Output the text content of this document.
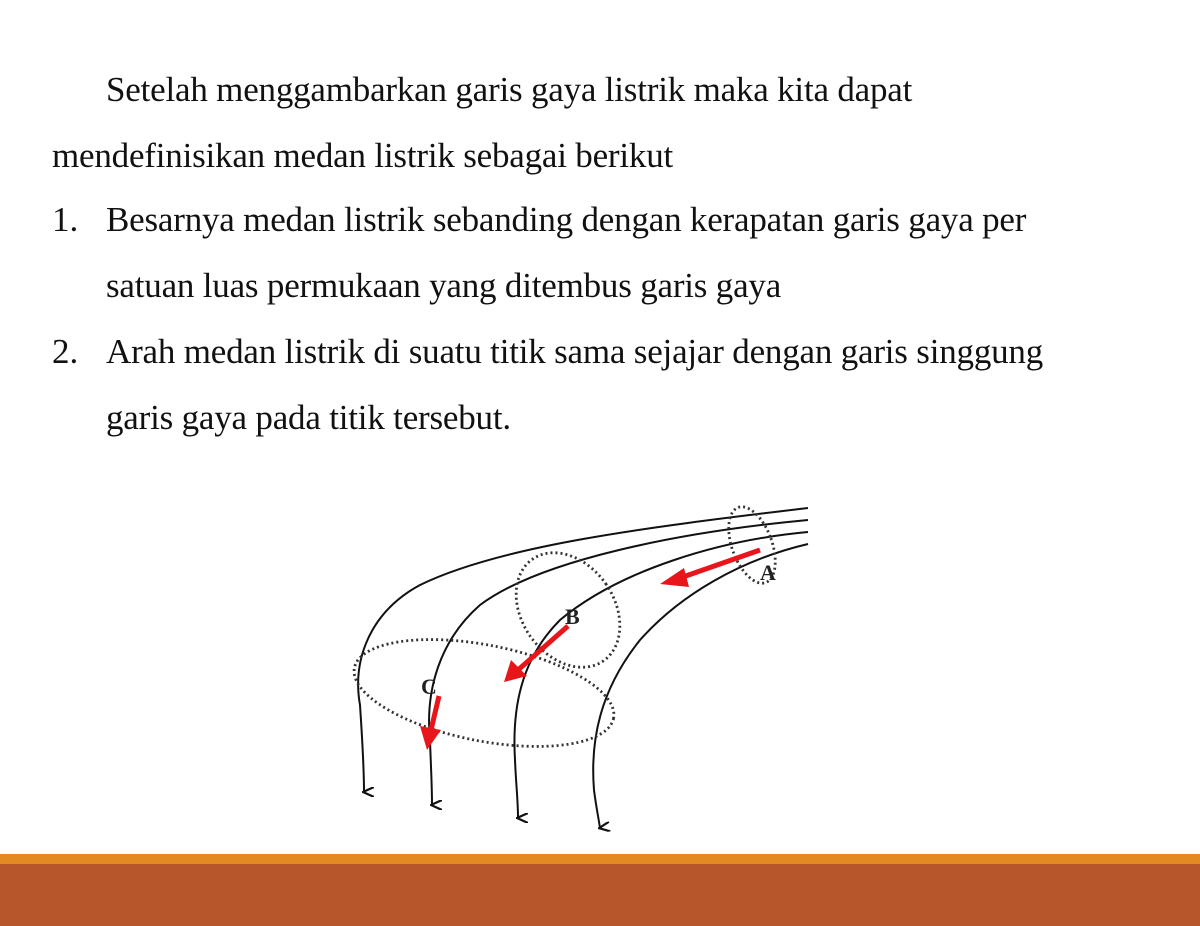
Setelah menggambarkan garis gaya listrik maka kita dapat
mendefinisikan medan listrik sebagai berikut
1. Besarnya medan listrik sebanding dengan kerapatan garis gaya per
satuan luas permukaan yang ditembus garis gaya
2. Arah medan listrik di suatu titik sama sejajar dengan garis singgung
garis gaya pada titik tersebut.
A
B
C
